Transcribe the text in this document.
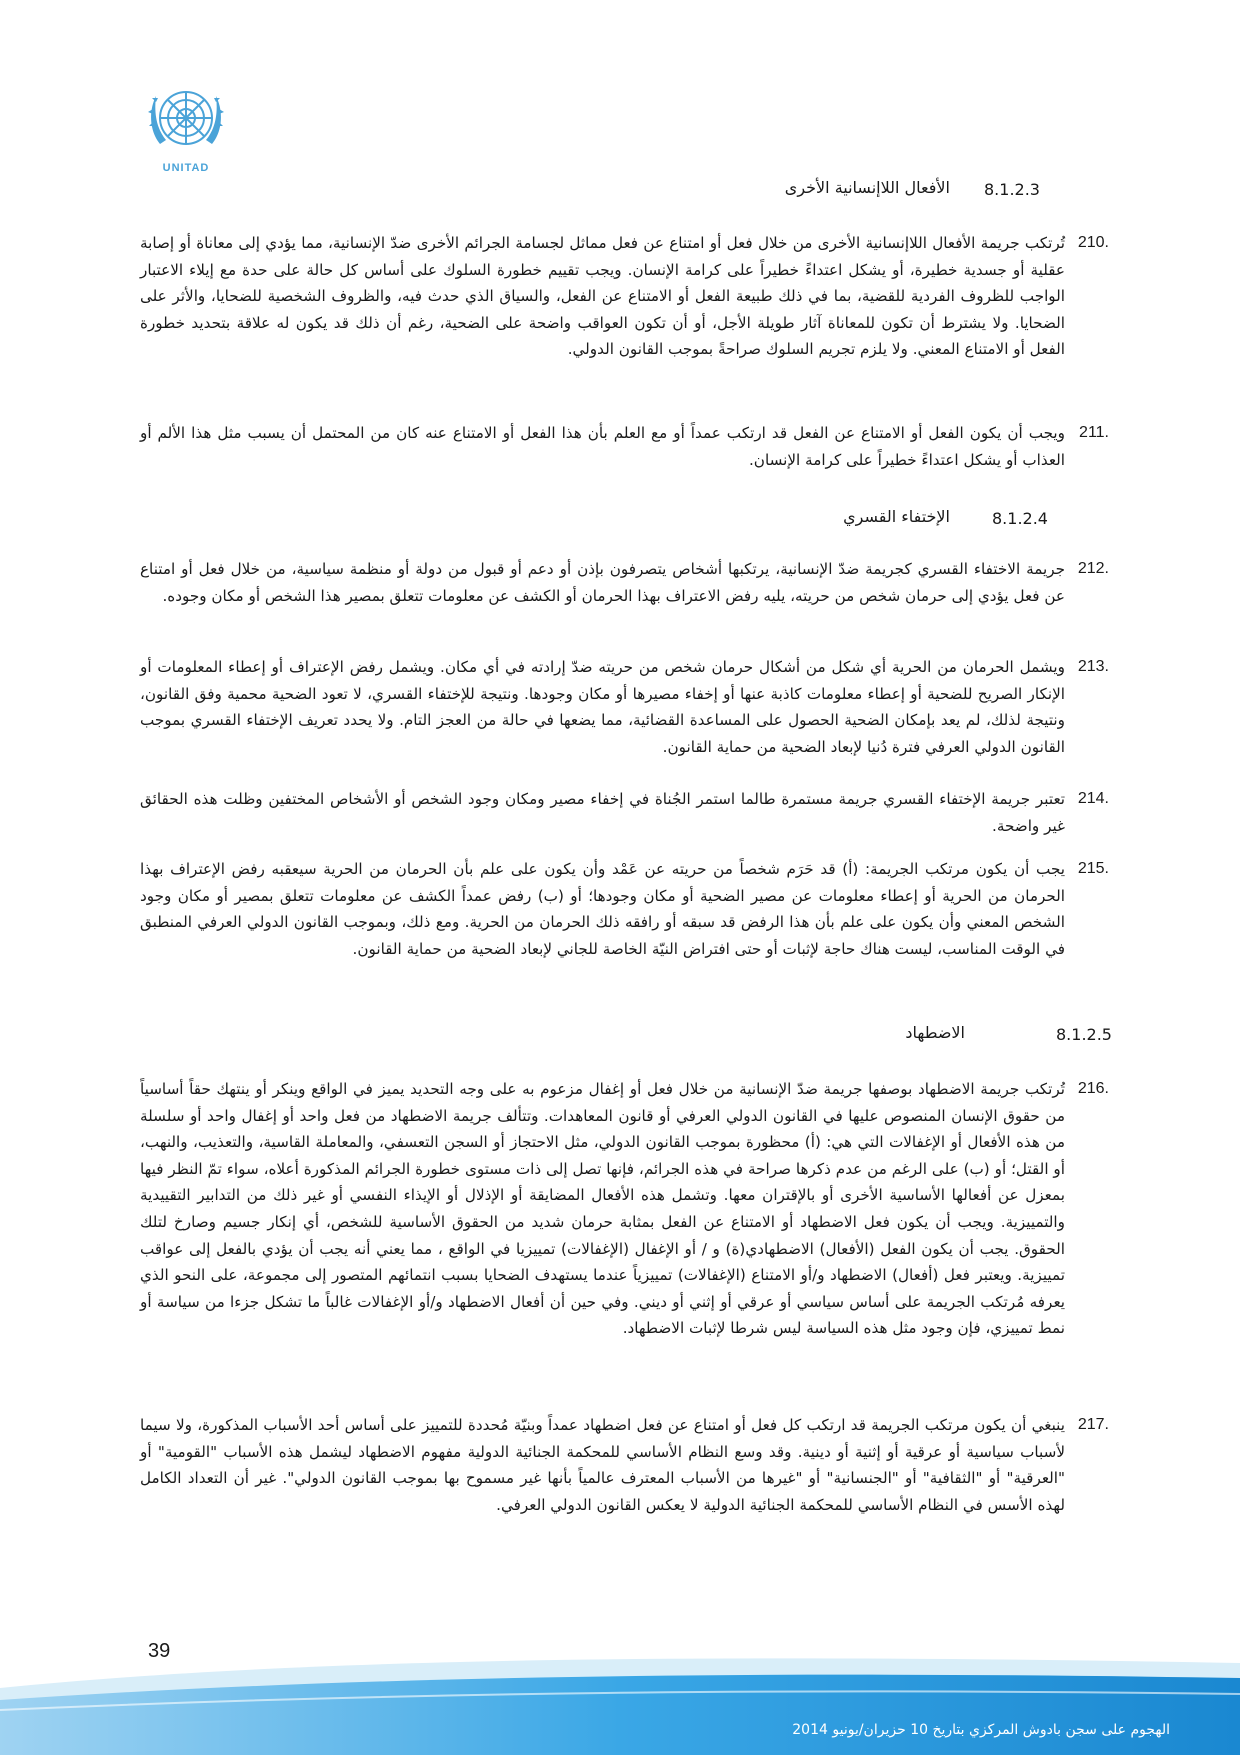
UNITAD
8.1.2.3
الأفعال اللاإنسانية الأخرى
210.
تُرتكب جريمة الأفعال اللاإنسانية الأخرى من خلال فعل أو امتناع عن فعل مماثل لجسامة الجرائم الأخرى ضدّ الإنسانية، مما يؤدي إلى معاناة أو إصابة عقلية أو جسدية خطيرة، أو يشكل اعتداءً خطيراً على كرامة الإنسان. ويجب تقييم خطورة السلوك على أساس كل حالة على حدة مع إيلاء الاعتبار الواجب للظروف الفردية للقضية، بما في ذلك طبيعة الفعل أو الامتناع عن الفعل، والسياق الذي حدث فيه، والظروف الشخصية للضحايا، والأثر على الضحايا. ولا يشترط أن تكون للمعاناة آثار طويلة الأجل، أو أن تكون العواقب واضحة على الضحية، رغم أن ذلك قد يكون له علاقة بتحديد خطورة الفعل أو الامتناع المعني. ولا يلزم تجريم السلوك صراحةً بموجب القانون الدولي.
211.
ويجب أن يكون الفعل أو الامتناع عن الفعل قد ارتكب عمداً أو مع العلم بأن هذا الفعل أو الامتناع عنه كان من المحتمل أن يسبب مثل هذا الألم أو العذاب أو يشكل اعتداءً خطيراً على كرامة الإنسان.
8.1.2.4
الإختفاء القسري
212.
جريمة الاختفاء القسري كجريمة ضدّ الإنسانية، يرتكبها أشخاص يتصرفون بإذن أو دعم أو قبول من دولة أو منظمة سياسية، من خلال فعل أو امتناع عن فعل يؤدي إلى حرمان شخص من حريته، يليه رفض الاعتراف بهذا الحرمان أو الكشف عن معلومات تتعلق بمصير هذا الشخص أو مكان وجوده.
213.
ويشمل الحرمان من الحرية أي شكل من أشكال حرمان شخص من حريته ضدّ إرادته في أي مكان. ويشمل رفض الإعتراف أو إعطاء المعلومات أو الإنكار الصريح للضحية أو إعطاء معلومات كاذبة عنها أو إخفاء مصيرها أو مكان وجودها. ونتيجة للإختفاء القسري، لا تعود الضحية محمية وفق القانون، ونتيجة لذلك، لم يعد بإمكان الضحية الحصول على المساعدة القضائية، مما يضعها في حالة من العجز التام. ولا يحدد تعريف الإختفاء القسري بموجب القانون الدولي العرفي فترة دُنيا لإبعاد الضحية من حماية القانون.
214.
تعتبر جريمة الإختفاء القسري جريمة مستمرة طالما استمر الجُناة في إخفاء مصير ومكان وجود الشخص أو الأشخاص المختفين وظلت هذه الحقائق غير واضحة.
215.
يجب أن يكون مرتكب الجريمة: (أ) قد حَرَم شخصاً من حريته عن عَمْد وأن يكون على علم بأن الحرمان من الحرية سيعقبه رفض الإعتراف بهذا الحرمان من الحرية أو إعطاء معلومات عن مصير الضحية أو مكان وجودها؛ أو (ب) رفض عمداً الكشف عن معلومات تتعلق بمصير أو مكان وجود الشخص المعني وأن يكون على علم بأن هذا الرفض قد سبقه أو رافقه ذلك الحرمان من الحرية. ومع ذلك، وبموجب القانون الدولي العرفي المنطبق في الوقت المناسب، ليست هناك حاجة لإثبات أو حتى افتراض النيّة الخاصة للجاني لإبعاد الضحية من حماية القانون.
8.1.2.5
الاضطهاد
216.
تُرتكب جريمة الاضطهاد بوصفها جريمة ضدّ الإنسانية من خلال فعل أو إغفال مزعوم به على وجه التحديد يميز في الواقع وينكر أو ينتهك حقاً أساسياً من حقوق الإنسان المنصوص عليها في القانون الدولي العرفي أو قانون المعاهدات. وتتألف جريمة الاضطهاد من فعل واحد أو إغفال واحد أو سلسلة من هذه الأفعال أو الإغفالات التي هي: (أ) محظورة بموجب القانون الدولي، مثل الاحتجاز أو السجن التعسفي، والمعاملة القاسية، والتعذيب، والنهب، أو القتل؛ أو (ب) على الرغم من عدم ذكرها صراحة في هذه الجرائم، فإنها تصل إلى ذات مستوى خطورة الجرائم المذكورة أعلاه، سواء تمّ النظر فيها بمعزل عن أفعالها الأساسية الأخرى أو بالإقتران معها. وتشمل هذه الأفعال المضايقة أو الإذلال أو الإيذاء النفسي أو غير ذلك من التدابير التقييدية والتمييزية. ويجب أن يكون فعل الاضطهاد أو الامتناع عن الفعل بمثابة حرمان شديد من الحقوق الأساسية للشخص، أي إنكار جسيم وصارخ لتلك الحقوق. يجب أن يكون الفعل (الأفعال) الاضطهادي(ة) و / أو الإغفال (الإغفالات) تمييزيا في الواقع ، مما يعني أنه يجب أن يؤدي بالفعل إلى عواقب تمييزية. ويعتبر فعل (أفعال) الاضطهاد و/أو الامتناع (الإغفالات) تمييزياً عندما يستهدف الضحايا بسبب انتمائهم المتصور إلى مجموعة، على النحو الذي يعرفه مُرتكب الجريمة على أساس سياسي أو عرقي أو إثني أو ديني. وفي حين أن أفعال الاضطهاد و/أو الإغفالات غالباً ما تشكل جزءا من سياسة أو نمط تمييزي، فإن وجود مثل هذه السياسة ليس شرطا لإثبات الاضطهاد.
217.
ينبغي أن يكون مرتكب الجريمة قد ارتكب كل فعل أو امتناع عن فعل اضطهاد عمداً وبنيّة مُحددة للتمييز على أساس أحد الأسباب المذكورة، ولا سيما لأسباب سياسية أو عرقية أو إثنية أو دينية. وقد وسع النظام الأساسي للمحكمة الجنائية الدولية مفهوم الاضطهاد ليشمل هذه الأسباب "القومية" أو "العرقية" أو "الثقافية" أو "الجنسانية" أو "غيرها من الأسباب المعترف عالمياً بأنها غير مسموح بها بموجب القانون الدولي". غير أن التعداد الكامل لهذه الأسس في النظام الأساسي للمحكمة الجنائية الدولية لا يعكس القانون الدولي العرفي.
39
الهجوم على سجن بادوش المركزي بتاريخ 10 حزيران/يونيو 2014
